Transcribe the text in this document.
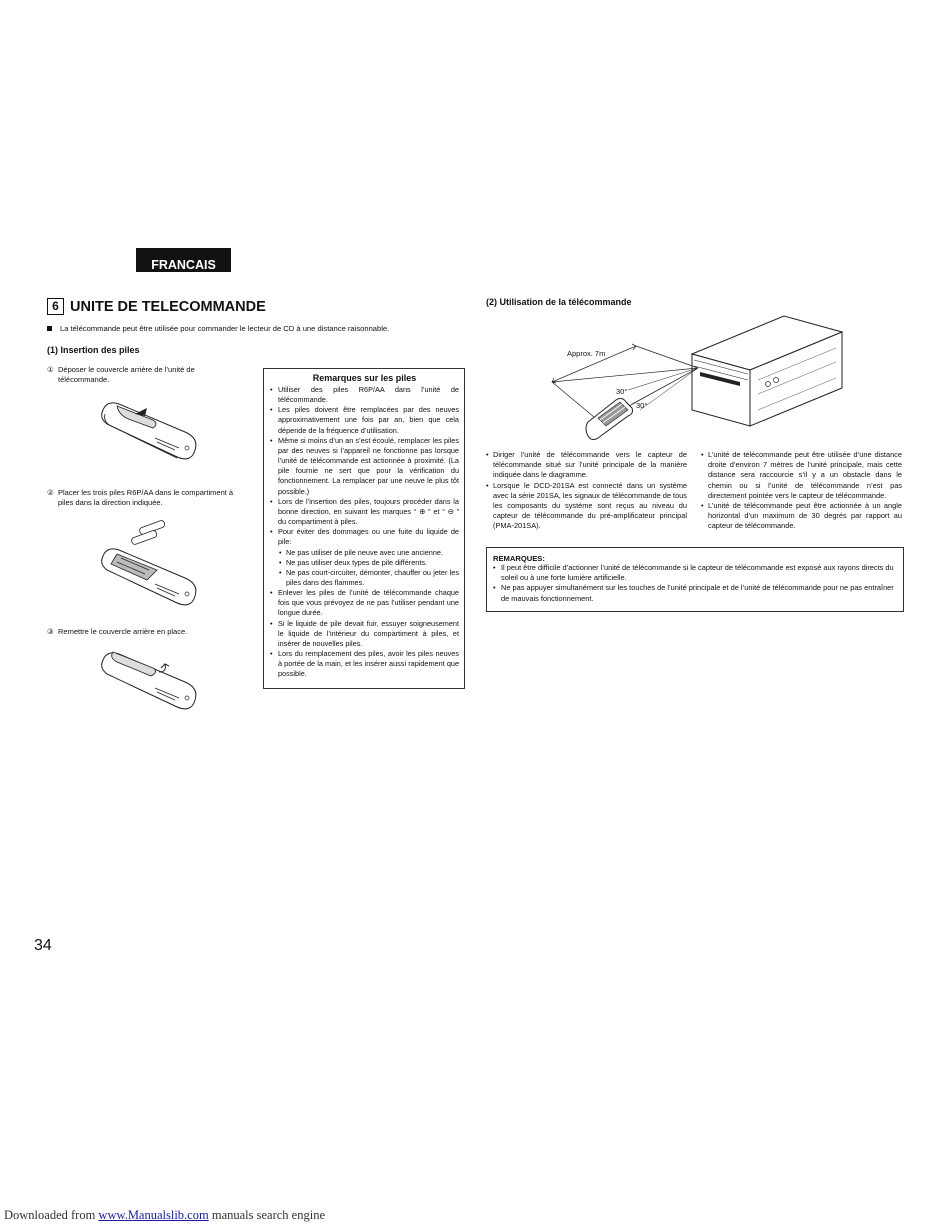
FRANCAIS
6 UNITE DE TELECOMMANDE
La télécommande peut être utilisée pour commander le lecteur de CD à une distance raisonnable.
(1) Insertion des piles
① Déposer le couvercle arrière de l’unité de
télécommande.
② Placer les trois piles R6P/AA dans le compartiment à
piles dans la direction indiquée.
③ Remettre le couvercle arrière en place.
Remarques sur les piles
• Utiliser des piles R6P/AA dans l’unité de télécommande.
• Les piles doivent être remplacées par des neuves approximativement une fois par an, bien que cela dépende de la fréquence d’utilisation.
• Même si moins d’un an s’est écoulé, remplacer les piles par des neuves si l’appareil ne fonctionne pas lorsque l’unité de télécommande est actionnée à proximité. (La pile fournie ne sert que pour la vérification du fonctionnement. La remplacer par une neuve le plus tôt possible.)
• Lors de l’insertion des piles, toujours procéder dans la bonne direction, en suivant les marques “ ⊕ ” et “ ⊖ ” du compartiment à piles.
• Pour éviter des dommages ou une fuite du liquide de pile:
• Ne pas utiliser de pile neuve avec une ancienne.
• Ne pas utiliser deux types de pile différents.
• Ne pas court-circuiter, démonter, chauffer ou jeter les piles dans des flammes.
• Enlever les piles de l’unité de télécommande chaque fois que vous prévoyez de ne pas l’utiliser pendant une longue durée.
• Si le liquide de pile devait fuir, essuyer soigneusement le liquide de l’intérieur du compartiment à piles, et insérer de nouvelles piles.
• Lors du remplacement des piles, avoir les piles neuves à portée de la main, et les insérer aussi rapidement que possible.
(2) Utilisation de la télécommande
Approx. 7m
30°
30°

• Diriger l’unité de télécommande vers le capteur de télécommande situé sur l’unité principale de la manière indiquée dans le diagramme.

• Lorsque le DCD-201SA est connecté dans un système avec la série 201SA, les signaux de télécommande de tous les composants du système sont reçus au niveau du capteur de télécommande du pré-amplificateur principal (PMA-201SA).

• L’unité de télécommande peut être utilisée d’une distance droite d’environ 7 mètres de l’unité principale, mais cette distance sera raccourcie s’il y a un obstacle dans le chemin ou si l’unité de télécommande n’est pas directement pointée vers le capteur de télécommande.

• L’unité de télécommande peut être actionnée à un angle horizontal d’un maximum de 30 degrés par rapport au capteur de télécommande.

REMARQUES:

• Il peut être difficile d’actionner l’unité de télécommande si le capteur de télécommande est exposé aux rayons directs du soleil ou à une forte lumière artificielle.

• Ne pas appuyer simultanément sur les touches de l’unité principale et de l’unité de télécommande pour ne pas entraîner de mauvais fonctionnement.

34
Downloaded from www.Manualslib.com manuals search engine
